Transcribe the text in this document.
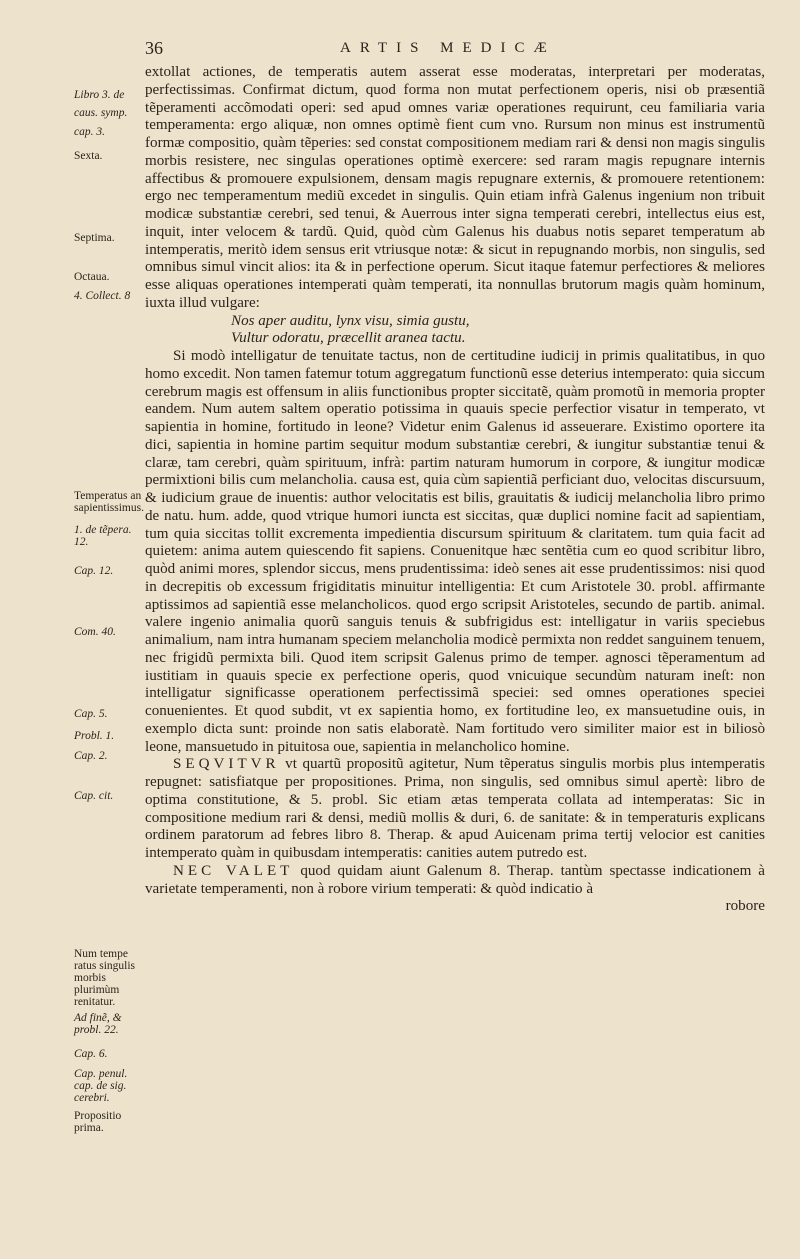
36	ARTIS MEDICÆ

extollat actiones, de temperatis autem asserat esse moderatas, interpretari per moderatas, perfectissimas. Confirmat dictum, quod forma non mutat perfectionem operis, nisi ob præsentiã tẽperamenti accõmodati operi: sed apud omnes variæ operationes requirunt, ceu familiaria varia temperamenta: ergo aliquæ, non omnes optimè fient cum vno. Rursum non minus est instrumentũ formæ compositio, quàm tẽperies: sed constat compositionem mediam rari & densi non magis singulis morbis resistere, nec singulas operationes optimè exercere: sed raram magis repugnare internis affectibus & promouere expulsionem, densam magis repugnare externis, & promouere retentionem: ergo nec temperamentum mediũ excedet in singulis. Quin etiam infrà Galenus ingenium non tribuit modicæ substantiæ cerebri, sed tenui, & Auerrous inter signa temperati cerebri, intellectus eius est, inquit, inter velocem & tardũ. Quid, quòd cùm Galenus his duabus notis separet temperatum ab intemperatis, meritò idem sensus erit vtriusque notæ: & sicut in repugnando morbis, non singulis, sed omnibus simul vincit alios: ita & in perfectione operum. Sicut itaque fatemur perfectiores & meliores esse aliquas operationes intemperati quàm temperati, ita nonnullas brutorum magis quàm hominum, iuxta illud vulgare:

Nos aper auditu, lynx visu, simia gustu,

Vultur odoratu, præcellit aranea tactu.

Si modò intelligatur de tenuitate tactus, non de certitudine iudicij in primis qualitatibus, in quo homo excedit. Non tamen fatemur totum aggregatum functionũ esse deterius intemperato: quia siccum cerebrum magis est offensum in aliis functionibus propter siccitatẽ, quàm promotũ in memoria propter eandem. Num autem saltem operatio potissima in quauis specie perfectior visatur in temperato, vt sapientia in homine, fortitudo in leone? Videtur enim Galenus id asseuerare. Existimo oportere ita dici, sapientia in homine partim sequitur modum substantiæ cerebri, & iungitur substantiæ tenui & claræ, tam cerebri, quàm spirituum, infrà: partim naturam humorum in corpore, & iungitur modicæ permixtioni bilis cum melancholia. causa est, quia cùm sapientiã perficiant duo, velocitas discursuum, & iudicium graue de inuentis: author velocitatis est bilis, grauitatis & iudicij melancholia libro primo de natu. hum. adde, quod vtrique humori iuncta est siccitas, quæ duplici nomine facit ad sapientiam, tum quia siccitas tollit excrementa impedientia discursum spirituum & claritatem. tum quia facit ad quietem: anima autem quiescendo fit sapiens. Conuenitque hæc sentẽtia cum eo quod scribitur libro, quòd animi mores, splendor siccus, mens prudentissima: ideò senes ait esse prudentissimos: nisi quod in decrepitis ob excessum frigiditatis minuitur intelligentia: Et cum Aristotele 30. probl. affirmante aptissimos ad sapientiã esse melancholicos. quod ergo scripsit Aristoteles, secundo de partib. animal. valere ingenio animalia quorũ sanguis tenuis & subfrigidus est: intelligatur in variis speciebus animalium, nam intra humanam speciem melancholia modicè permixta non reddet sanguinem tenuem, nec frigidũ permixta bili. Quod item scripsit Galenus primo de temper. agnosci tẽperamentum ad iustitiam in quauis specie ex perfectione operis, quod vnicuique secundùm naturam ineſt: non intelligatur significasse operationem perfectissimã speciei: sed omnes operationes speciei conuenientes. Et quod subdit, vt ex sapientia homo, ex fortitudine leo, ex mansuetudine ouis, in exemplo dicta sunt: proinde non satis elaboratè. Nam fortitudo vero similiter maior est in biliosò leone, mansuetudo in pituitosa oue, sapientia in melancholico homine.

SEQVITVR vt quartũ propositũ agitetur, Num tẽperatus singulis morbis plus intemperatis repugnet: satisfiatque per propositiones. Prima, non singulis, sed omnibus simul apertè: libro de optima constitutione, & 5. probl. Sic etiam ætas temperata collata ad intemperatas: Sic in compositione medium rari & densi, mediũ mollis & duri, 6. de sanitate: & in temperaturis explicans ordinem paratorum ad febres libro 8. Therap. & apud Auicenam prima tertij velocior est canities intemperato quàm in quibusdam intemperatis: canities autem putredo est.

NEC VALET quod quidam aiunt Galenum 8. Therap. tantùm spectasse indicationem à varietate temperamenti, non à robore virium temperati: & quòd indicatio à

robore

Libro 3. de
caus. symp.
cap. 3.
Sexta.
Septima.
Octaua.
4. Collect. 8
Temperatus an sapientissimus.
1. de tẽperа. 12.
Cap. 12.
Com. 40.
Cap. 5.
Probl. 1.
Cap. 2.
Cap. cit.
Num tempe ratus singulis morbis plurimùm renitatur.
Ad finẽ, & probl. 22.
Cap. 6.
Cap. penul. cap. de sig. cerebri.
Propositio prima.
